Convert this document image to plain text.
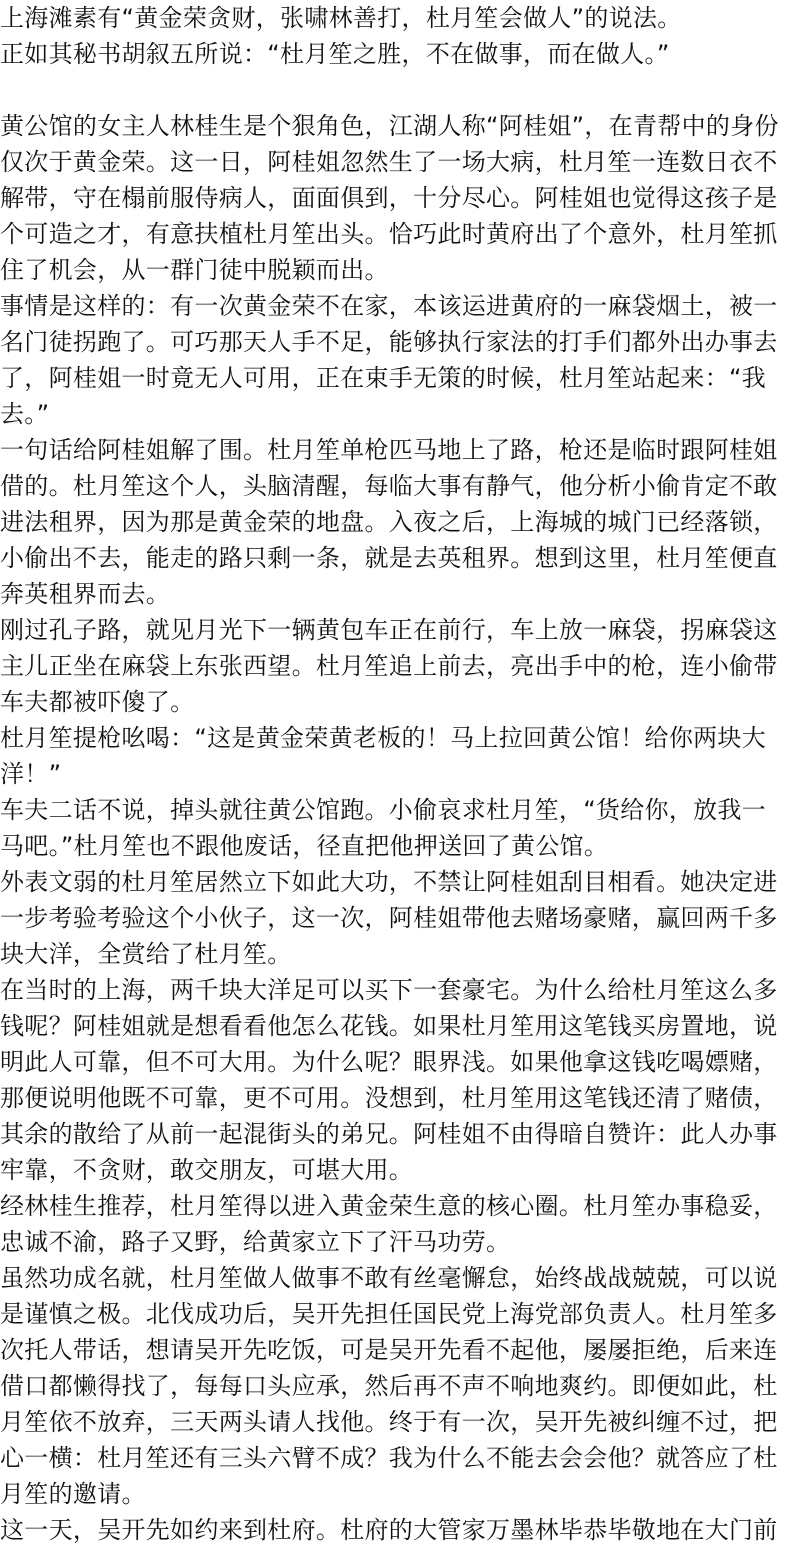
上海滩素有“黄金荣贪财，张啸林善打，杜月笙会做人”的说法。

正如其秘书胡叙五所说：“杜月笙之胜，不在做事，而在做人。”

黄公馆的女主人林桂生是个狠角色，江湖人称“阿桂姐”，在青帮中的身份仅次于黄金荣。这一日，阿桂姐忽然生了一场大病，杜月笙一连数日衣不解带，守在榻前服侍病人，面面俱到，十分尽心。阿桂姐也觉得这孩子是个可造之才，有意扶植杜月笙出头。恰巧此时黄府出了个意外，杜月笙抓住了机会，从一群门徒中脱颖而出。

事情是这样的：有一次黄金荣不在家，本该运进黄府的一麻袋烟土，被一名门徒拐跑了。可巧那天人手不足，能够执行家法的打手们都外出办事去了，阿桂姐一时竟无人可用，正在束手无策的时候，杜月笙站起来：“我去。”

一句话给阿桂姐解了围。杜月笙单枪匹马地上了路，枪还是临时跟阿桂姐借的。杜月笙这个人，头脑清醒，每临大事有静气，他分析小偷肯定不敢进法租界，因为那是黄金荣的地盘。入夜之后，上海城的城门已经落锁，小偷出不去，能走的路只剩一条，就是去英租界。想到这里，杜月笙便直奔英租界而去。

刚过孔子路，就见月光下一辆黄包车正在前行，车上放一麻袋，拐麻袋这主儿正坐在麻袋上东张西望。杜月笙追上前去，亮出手中的枪，连小偷带车夫都被吓傻了。

杜月笙提枪吆喝：“这是黄金荣黄老板的！马上拉回黄公馆！给你两块大洋！”

车夫二话不说，掉头就往黄公馆跑。小偷哀求杜月笙，“货给你，放我一马吧。”杜月笙也不跟他废话，径直把他押送回了黄公馆。

外表文弱的杜月笙居然立下如此大功，不禁让阿桂姐刮目相看。她决定进一步考验考验这个小伙子，这一次，阿桂姐带他去赌场豪赌，赢回两千多块大洋，全赏给了杜月笙。

在当时的上海，两千块大洋足可以买下一套豪宅。为什么给杜月笙这么多钱呢？阿桂姐就是想看看他怎么花钱。如果杜月笙用这笔钱买房置地，说明此人可靠，但不可大用。为什么呢？眼界浅。如果他拿这钱吃喝嫖赌，那便说明他既不可靠，更不可用。没想到，杜月笙用这笔钱还清了赌债，其余的散给了从前一起混街头的弟兄。阿桂姐不由得暗自赞许：此人办事牢靠，不贪财，敢交朋友，可堪大用。

经林桂生推荐，杜月笙得以进入黄金荣生意的核心圈。杜月笙办事稳妥，忠诚不渝，路子又野，给黄家立下了汗马功劳。

虽然功成名就，杜月笙做人做事不敢有丝毫懈怠，始终战战兢兢，可以说是谨慎之极。北伐成功后，吴开先担任国民党上海党部负责人。杜月笙多次托人带话，想请吴开先吃饭，可是吴开先看不起他，屡屡拒绝，后来连借口都懒得找了，每每口头应承，然后再不声不响地爽约。即便如此，杜月笙依不放弃，三天两头请人找他。终于有一次，吴开先被纠缠不过，把心一横：杜月笙还有三头六臂不成？我为什么不能去会会他？就答应了杜月笙的邀请。

这一天，吴开先如约来到杜府。杜府的大管家万墨林毕恭毕敬地在大门前
